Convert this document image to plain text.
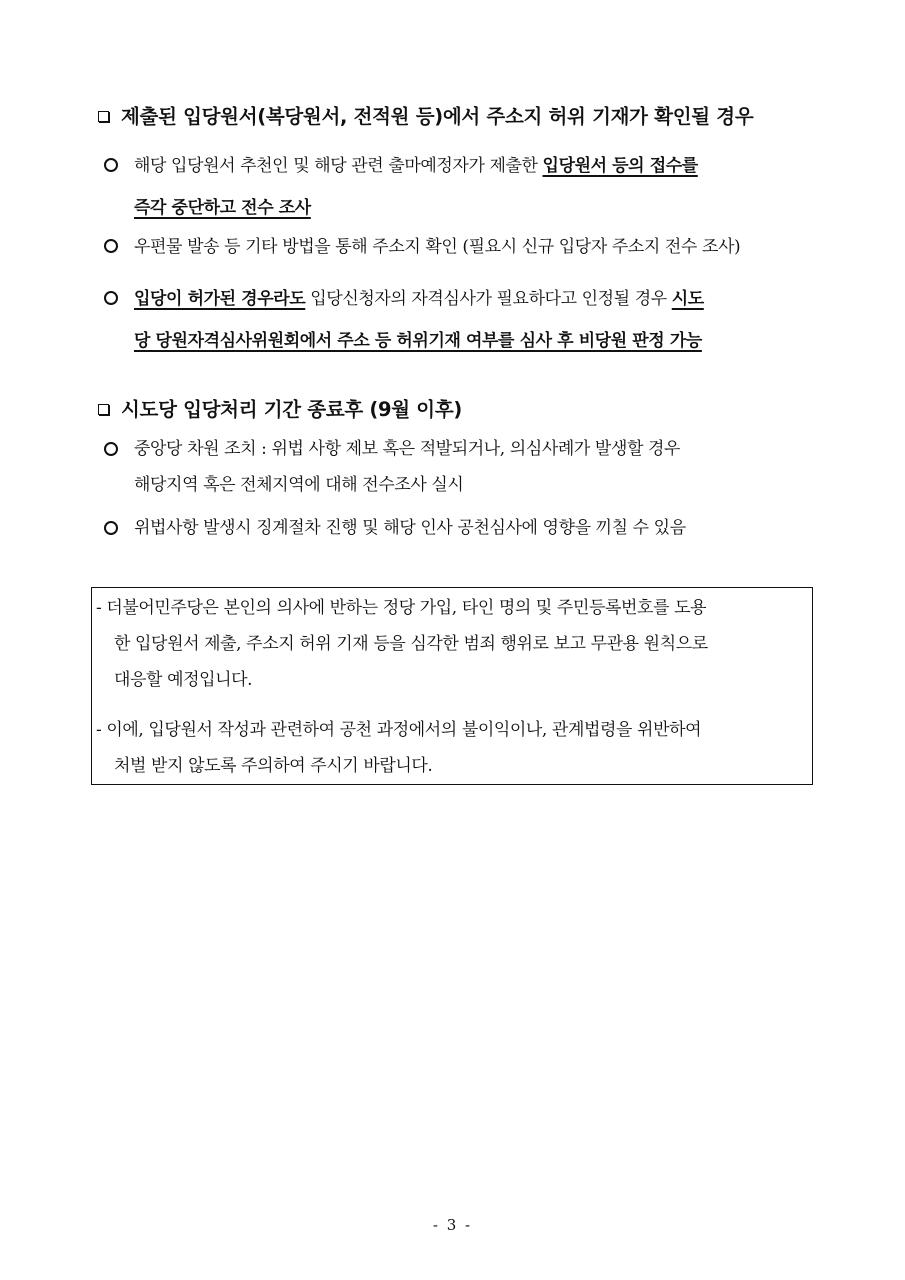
제출된 입당원서(복당원서, 전적원 등)에서 주소지 허위 기재가 확인될 경우
해당 입당원서 추천인 및 해당 관련 출마예정자가 제출한 입당원서 등의 접수를
즉각 중단하고 전수 조사
우편물 발송 등 기타 방법을 통해 주소지 확인 (필요시 신규 입당자 주소지 전수 조사)
입당이 허가된 경우라도 입당신청자의 자격심사가 필요하다고 인정될 경우 시도
당 당원자격심사위원회에서 주소 등 허위기재 여부를 심사 후 비당원 판정 가능
시도당 입당처리 기간 종료후 (9월 이후)
중앙당 차원 조치 : 위법 사항 제보 혹은 적발되거나, 의심사례가 발생할 경우
해당지역 혹은 전체지역에 대해 전수조사 실시
위법사항 발생시 징계절차 진행 및 해당 인사 공천심사에 영향을 끼칠 수 있음
- 더불어민주당은 본인의 의사에 반하는 정당 가입, 타인 명의 및 주민등록번호를 도용
한 입당원서 제출, 주소지 허위 기재 등을 심각한 범죄 행위로 보고 무관용 원칙으로
대응할 예정입니다.
- 이에, 입당원서 작성과 관련하여 공천 과정에서의 불이익이나, 관계법령을 위반하여
처벌 받지 않도록 주의하여 주시기 바랍니다.
- 3 -
